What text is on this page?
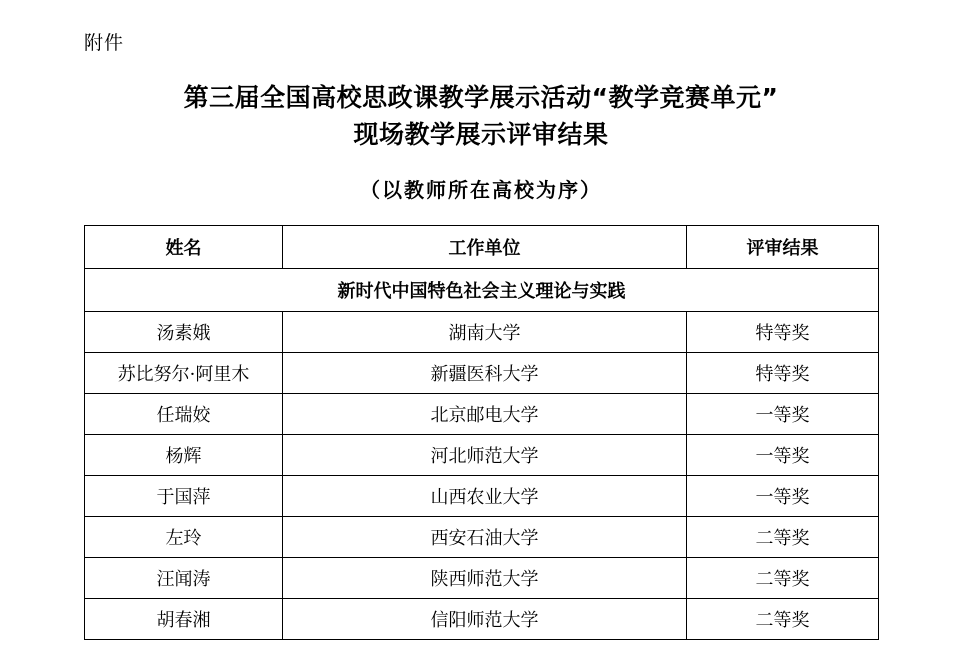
附件
第三届全国高校思政课教学展示活动“教学竞赛单元”
现场教学展示评审结果
（以教师所在高校为序）
姓名	工作单位	评审结果
新时代中国特色社会主义理论与实践		
汤素娥	湖南大学	特等奖
苏比努尔·阿里木	新疆医科大学	特等奖
任瑞姣	北京邮电大学	一等奖
杨辉	河北师范大学	一等奖
于国萍	山西农业大学	一等奖
左玲	西安石油大学	二等奖
汪闻涛	陕西师范大学	二等奖
胡春湘	信阳师范大学	二等奖
